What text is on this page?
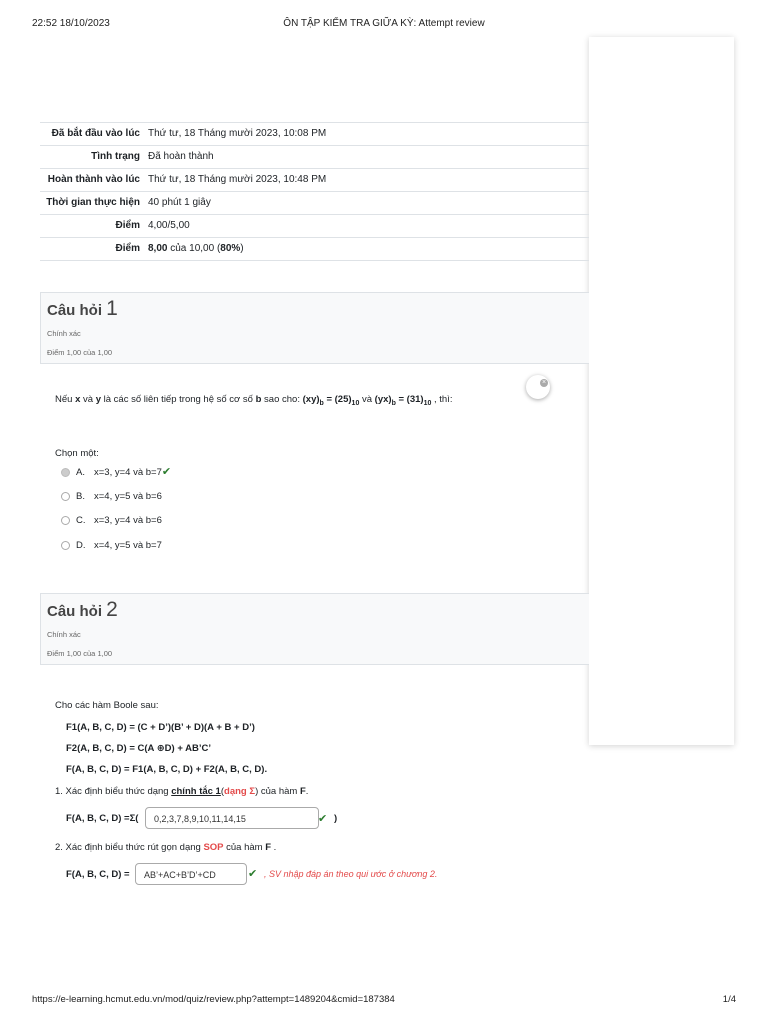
22:52 18/10/2023	ÔN TẬP KIỂM TRA GIỮA KỲ: Attempt review
Đã bắt đầu vào lúc	Thứ tư, 18 Tháng mười 2023, 10:08 PM
Tình trạng	Đã hoàn thành
Hoàn thành vào lúc	Thứ tư, 18 Tháng mười 2023, 10:48 PM
Thời gian thực hiện	40 phút 1 giây
Điểm	4,00/5,00
Điểm	8,00 của 10,00 (80%)
Câu hỏi 1
Chính xác
Điểm 1,00 của 1,00
×
Nếu x và y là các số liên tiếp trong hệ số cơ số b sao cho: $(xy)_b = (25)_{10}$ và $(yx)_b = (31)_{10}$ , thì:
Chọn một:
A. x=3, y=4 và b=7✔
B. x=4, y=5 và b=6
C. x=3, y=4 và b=6
D. x=4, y=5 và b=7
Câu hỏi 2
Chính xác
Điểm 1,00 của 1,00
Cho các hàm Boole sau:
F1(A, B, C, D) = (C + D’)(B’ + D)(A + B + D’)
F2(A, B, C, D) = C(A ⊕D) + AB’C’
F(A, B, C, D) = F1(A, B, C, D) + F2(A, B, C, D).
1. Xác định biểu thức dạng chính tắc 1(dạng Σ) của hàm F.
F(A, B, C, D) =Σ(	0,2,3,7,8,9,10,11,14,15	✔ )
2. Xác định biểu thức rút gọn dạng SOP của hàm F .
F(A, B, C, D) =	AB’+AC+B’D’+CD	✔ , SV nhập đáp án theo qui ước ở chương 2.
https://e-learning.hcmut.edu.vn/mod/quiz/review.php?attempt=1489204&cmid=187384	1/4
